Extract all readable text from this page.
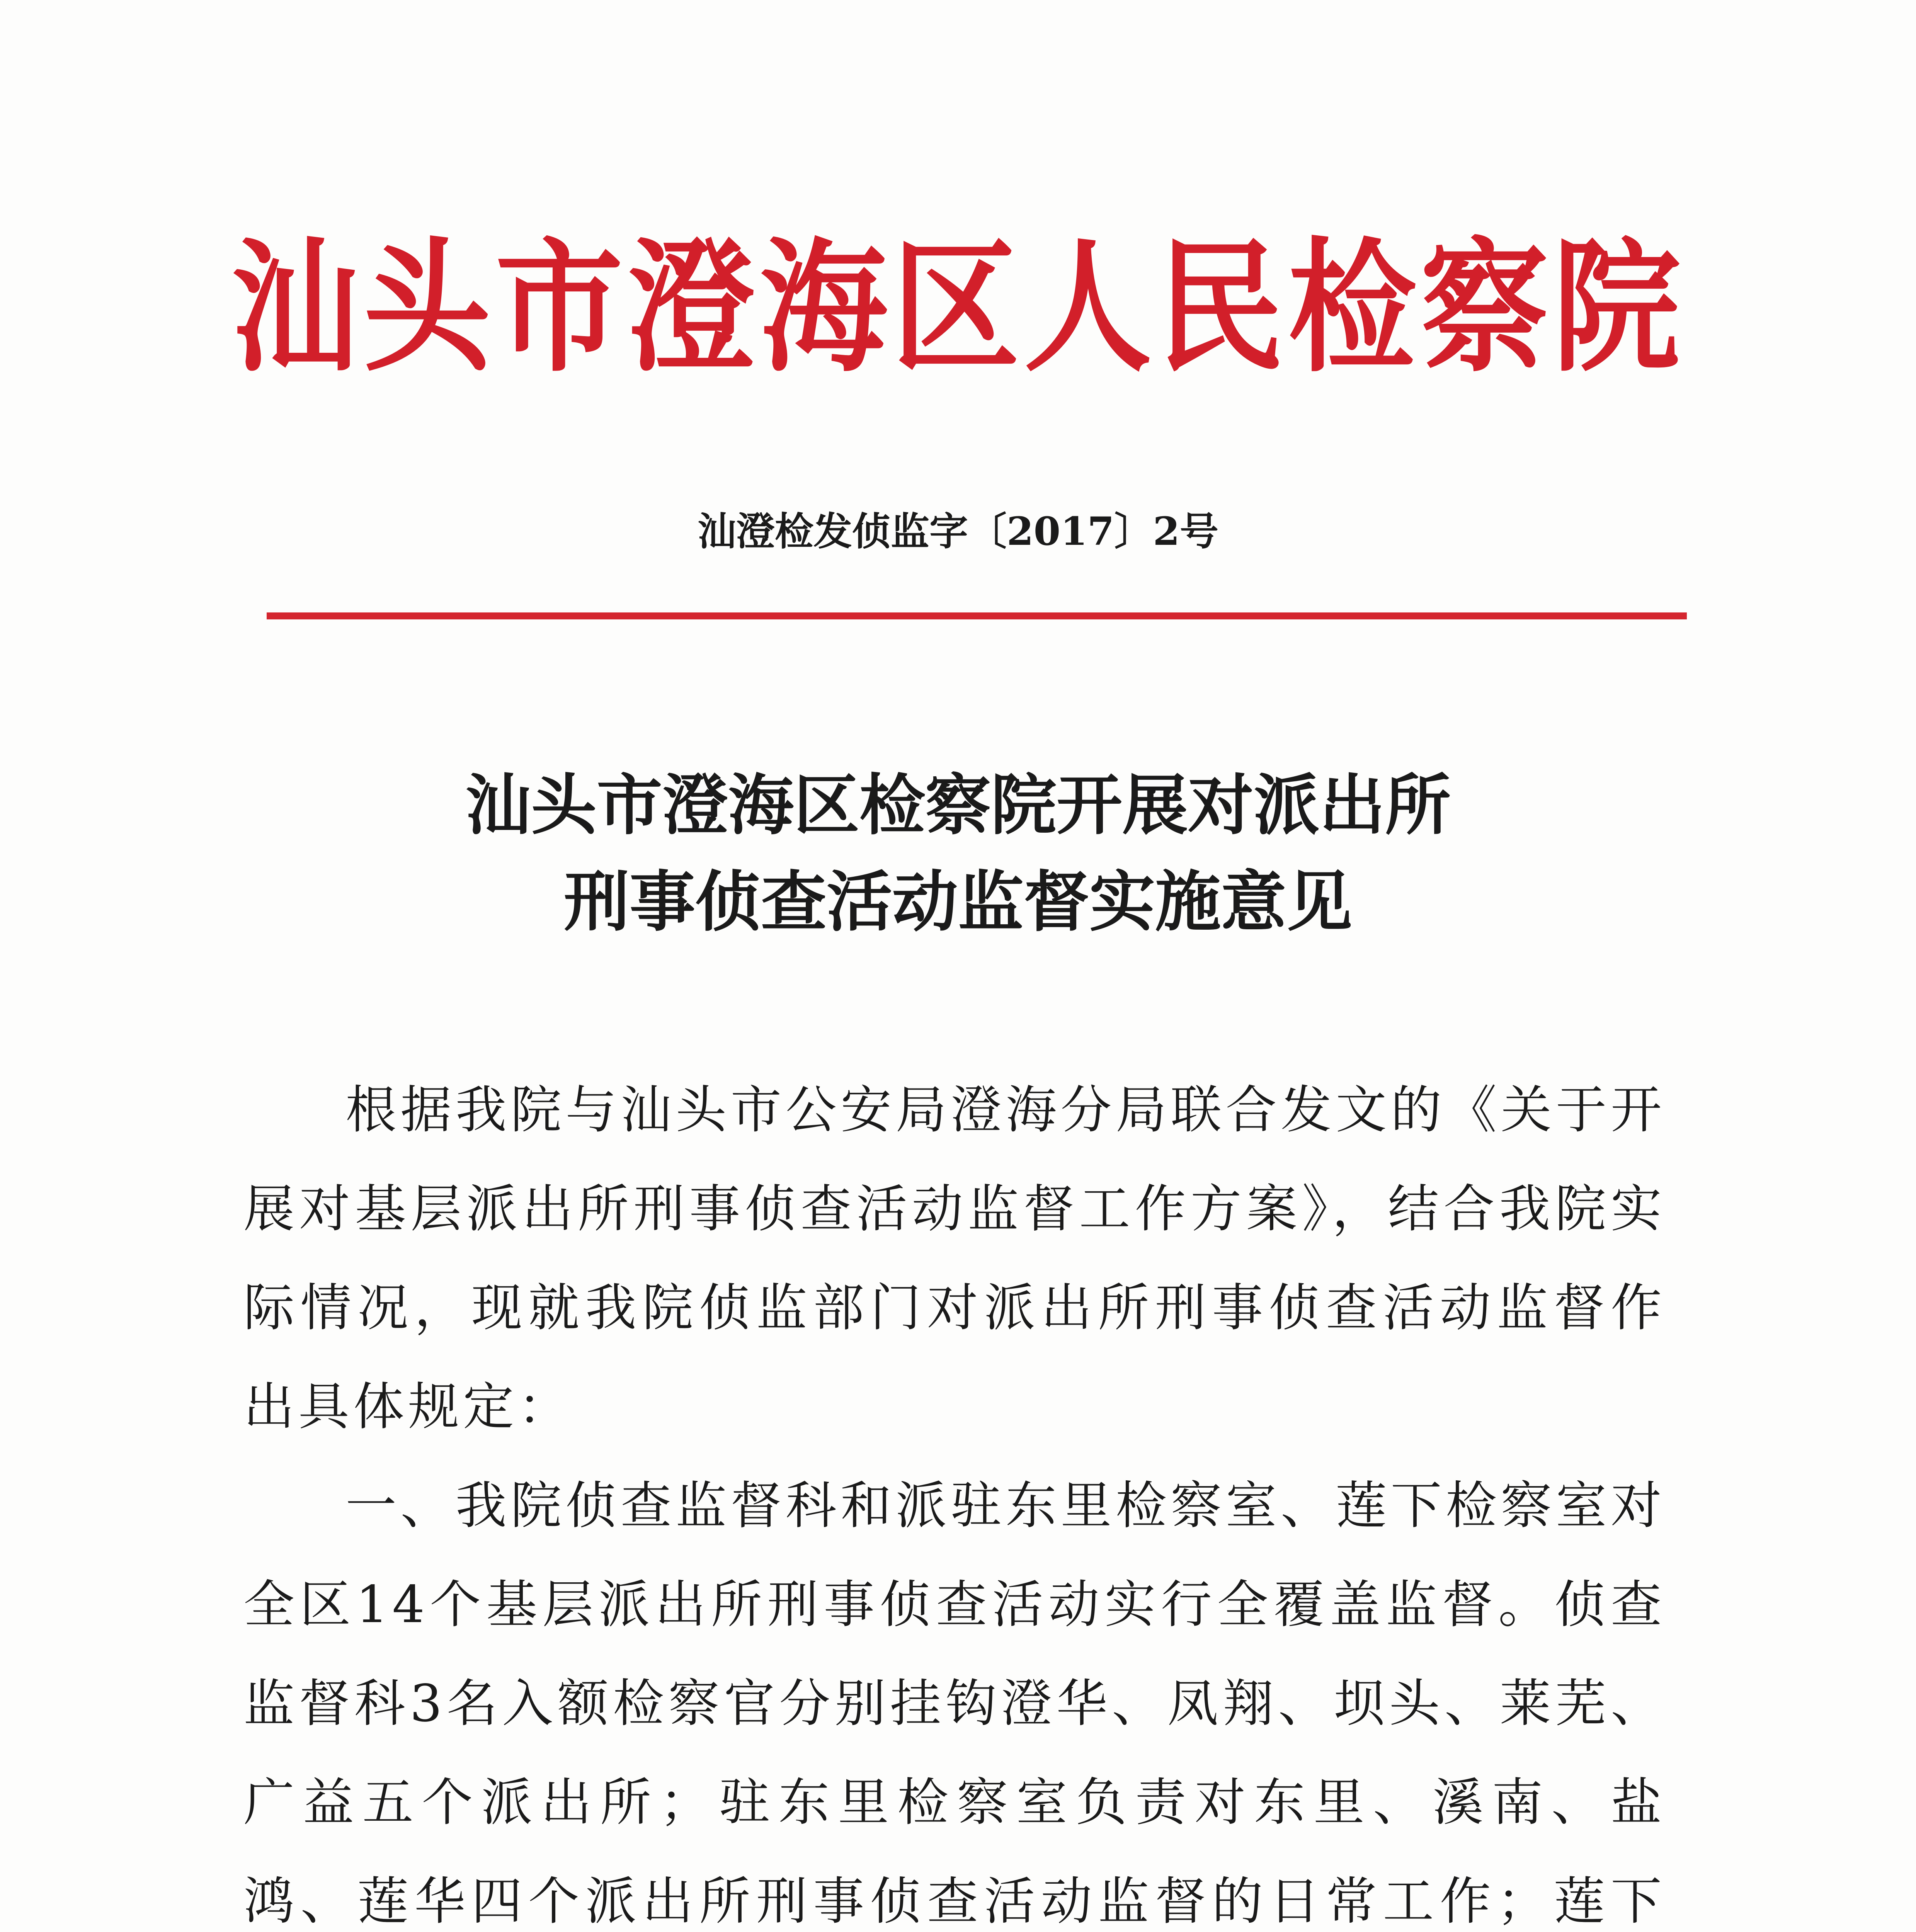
汕头市澄海区人民检察院
汕澄检发侦监字〔2017〕2号
汕头市澄海区检察院开展对派出所
刑事侦查活动监督实施意见

根据我院与汕头市公安局澄海分局联合发文的《关于开展对基层派出所刑事侦查活动监督工作方案》，结合我院实际情况，现就我院侦监部门对派出所刑事侦查活动监督作出具体规定：

一、我院侦查监督科和派驻东里检察室、莲下检察室对全区14个基层派出所刑事侦查活动实行全覆盖监督。侦查监督科3名入额检察官分别挂钩澄华、凤翔、坝头、莱芜、广益五个派出所；驻东里检察室负责对东里、溪南、盐鸿、莲华四个派出所刑事侦查活动监督的日常工作；莲下
